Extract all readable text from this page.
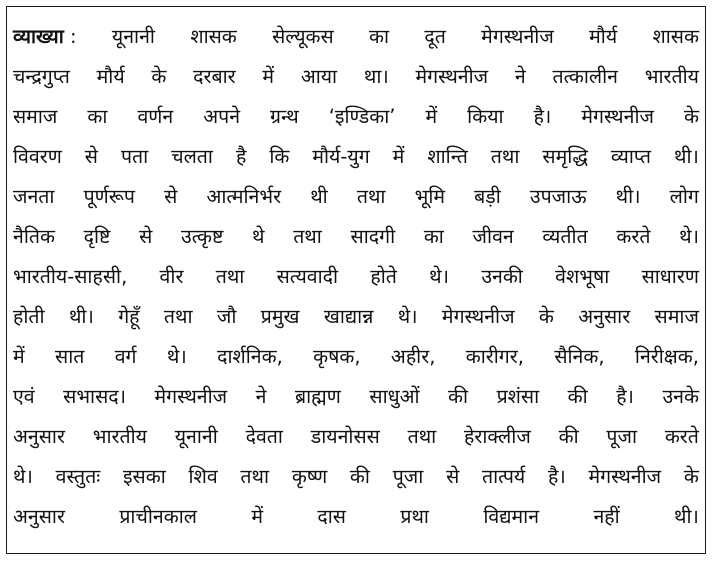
व्याख्या : यूनानी शासक सेल्यूकस का दूत मेगस्थनीज मौर्य शासक
चन्द्रगुप्त मौर्य के दरबार में आया था। मेगस्थनीज ने तत्कालीन भारतीय
समाज का वर्णन अपने ग्रन्थ ‘इण्डिका’ में किया है। मेगस्थनीज के
विवरण से पता चलता है कि मौर्य-युग में शान्ति तथा समृद्धि व्याप्त थी।
जनता पूर्णरूप से आत्मनिर्भर थी तथा भूमि बड़ी उपजाऊ थी। लोग
नैतिक दृष्टि से उत्कृष्ट थे तथा सादगी का जीवन व्यतीत करते थे।
भारतीय-साहसी, वीर तथा सत्यवादी होते थे। उनकी वेशभूषा साधारण
होती थी। गेहूँ तथा जौ प्रमुख खाद्यान्न थे। मेगस्थनीज के अनुसार समाज
में सात वर्ग थे। दार्शनिक, कृषक, अहीर, कारीगर, सैनिक, निरीक्षक,
एवं सभासद। मेगस्थनीज ने ब्राह्मण साधुओं की प्रशंसा की है। उनके
अनुसार भारतीय यूनानी देवता डायनोसस तथा हेराक्लीज की पूजा करते
थे। वस्तुतः इसका शिव तथा कृष्ण की पूजा से तात्पर्य है। मेगस्थनीज के
अनुसार	प्राचीनकाल	में	दास	प्रथा	विद्यमान	नहीं	थी।
